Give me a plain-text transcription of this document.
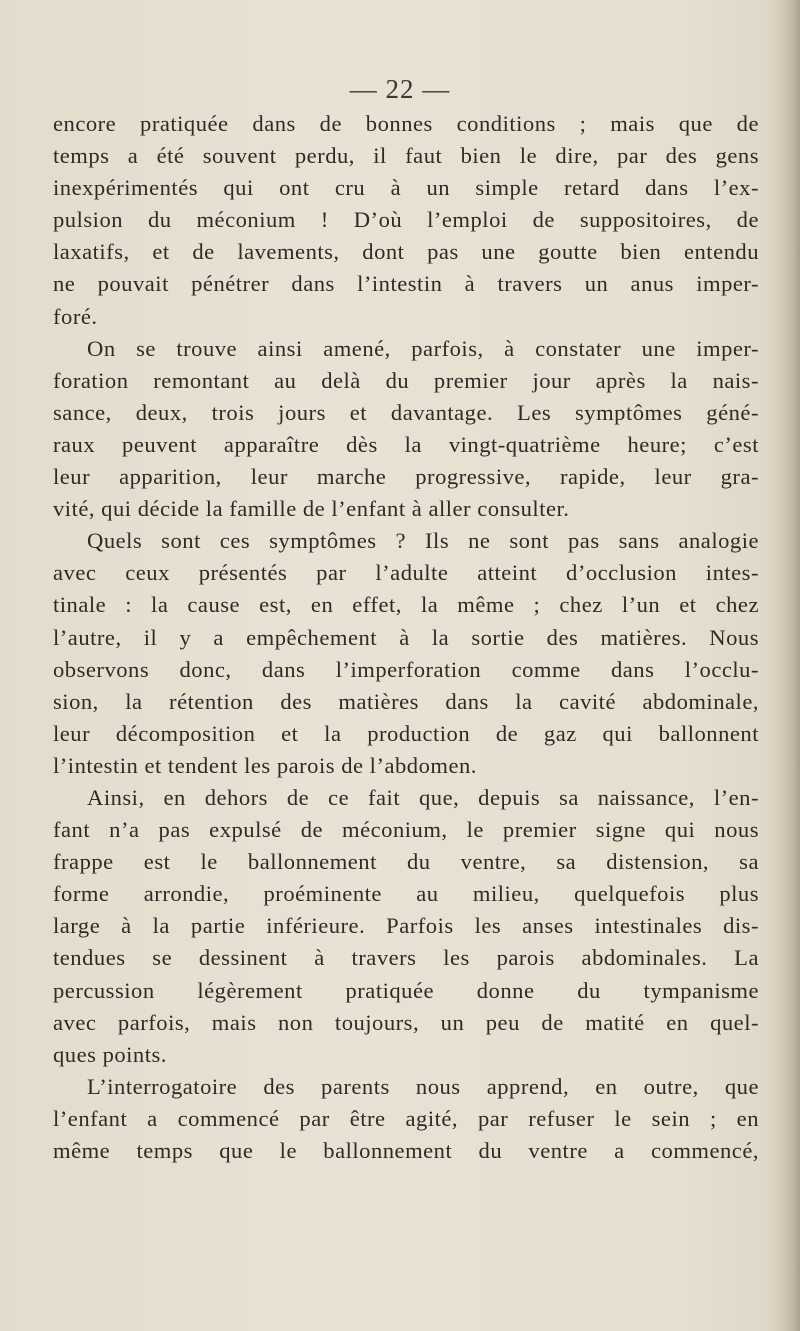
— 22 —
encore pratiquée dans de bonnes conditions ; mais que de
temps a été souvent perdu, il faut bien le dire, par des gens
inexpérimentés qui ont cru à un simple retard dans l’ex-
pulsion du méconium ! D’où l’emploi de suppositoires, de
laxatifs, et de lavements, dont pas une goutte bien entendu
ne pouvait pénétrer dans l’intestin à travers un anus imper-
foré.
On se trouve ainsi amené, parfois, à constater une imper-
foration remontant au delà du premier jour après la nais-
sance, deux, trois jours et davantage. Les symptômes géné-
raux peuvent apparaître dès la vingt-quatrième heure; c’est
leur apparition, leur marche progressive, rapide, leur gra-
vité, qui décide la famille de l’enfant à aller consulter.
Quels sont ces symptômes ? Ils ne sont pas sans analogie
avec ceux présentés par l’adulte atteint d’occlusion intes-
tinale : la cause est, en effet, la même ; chez l’un et chez
l’autre, il y a empêchement à la sortie des matières. Nous
observons donc, dans l’imperforation comme dans l’occlu-
sion, la rétention des matières dans la cavité abdominale,
leur décomposition et la production de gaz qui ballonnent
l’intestin et tendent les parois de l’abdomen.
Ainsi, en dehors de ce fait que, depuis sa naissance, l’en-
fant n’a pas expulsé de méconium, le premier signe qui nous
frappe est le ballonnement du ventre, sa distension, sa
forme arrondie, proéminente au milieu, quelquefois plus
large à la partie inférieure. Parfois les anses intestinales dis-
tendues se dessinent à travers les parois abdominales. La
percussion légèrement pratiquée donne du tympanisme
avec parfois, mais non toujours, un peu de matité en quel-
ques points.
L’interrogatoire des parents nous apprend, en outre, que
l’enfant a commencé par être agité, par refuser le sein ; en
même temps que le ballonnement du ventre a commencé,
